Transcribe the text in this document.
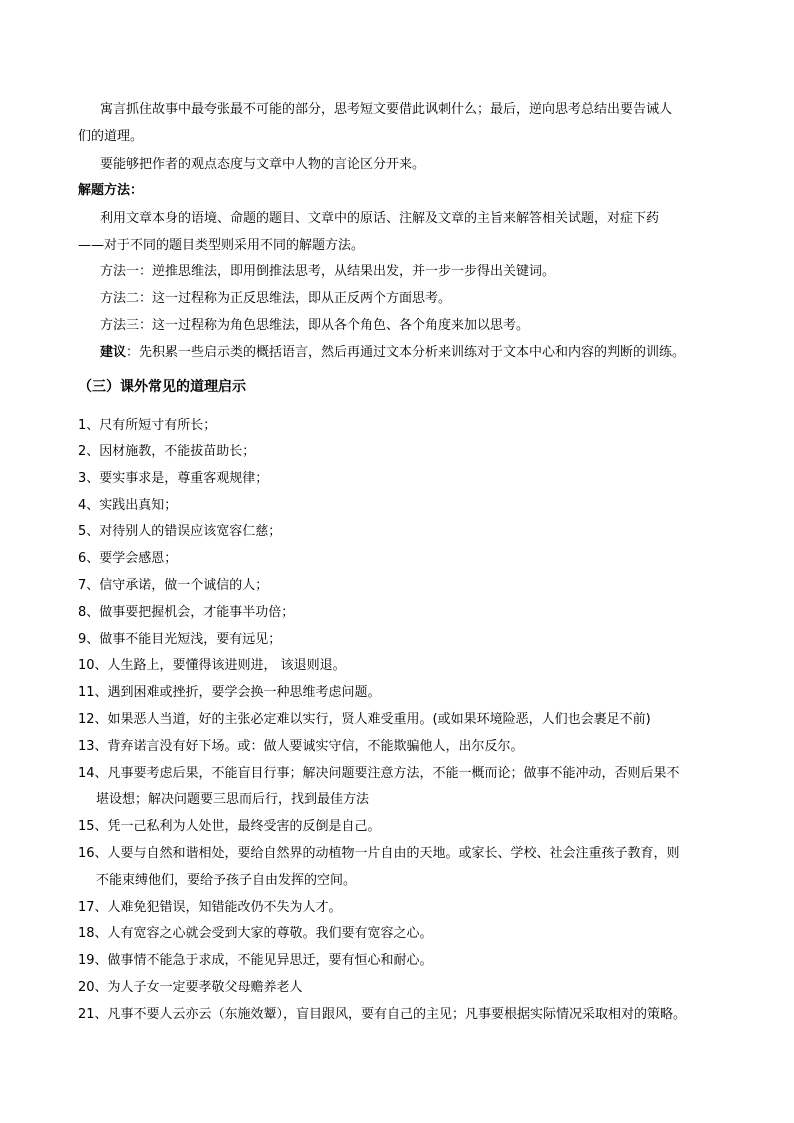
寓言抓住故事中最夸张最不可能的部分，思考短文要借此讽刺什么；最后，逆向思考总结出要告诫人
们的道理。
要能够把作者的观点态度与文章中人物的言论区分开来。
解题方法：
利用文章本身的语境、命题的题目、文章中的原话、注解及文章的主旨来解答相关试题，对症下药
——对于不同的题目类型则采用不同的解题方法。
方法一：逆推思维法，即用倒推法思考，从结果出发，并一步一步得出关键词。
方法二：这一过程称为正反思维法，即从正反两个方面思考。
方法三：这一过程称为角色思维法，即从各个角色、各个角度来加以思考。
建议：先积累一些启示类的概括语言，然后再通过文本分析来训练对于文本中心和内容的判断的训练。
（三）课外常见的道理启示
1、尺有所短寸有所长；
2、因材施教，不能拔苗助长；
3、要实事求是，尊重客观规律；
4、实践出真知；
5、对待别人的错误应该宽容仁慈；
6、要学会感恩；
7、信守承诺，做一个诚信的人；
8、做事要把握机会，才能事半功倍；
9、做事不能目光短浅，要有远见；
10、人生路上，要懂得该进则进， 该退则退。
11、遇到困难或挫折，要学会换一种思维考虑问题。
12、如果恶人当道，好的主张必定难以实行，贤人难受重用。(或如果环境险恶，人们也会裹足不前)
13、背弃诺言没有好下场。或：做人要诚实守信，不能欺骗他人，出尔反尔。
14、凡事要考虑后果，不能盲目行事；解决问题要注意方法，不能一概而论；做事不能冲动，否则后果不
堪设想；解决问题要三思而后行，找到最佳方法
15、凭一己私利为人处世，最终受害的反倒是自己。
16、人要与自然和谐相处，要给自然界的动植物一片自由的天地。或家长、学校、社会注重孩子教育，则
不能束缚他们，要给予孩子自由发挥的空间。
17、人难免犯错误，知错能改仍不失为人才。
18、人有宽容之心就会受到大家的尊敬。我们要有宽容之心。
19、做事情不能急于求成，不能见异思迁，要有恒心和耐心。
20、为人子女一定要孝敬父母赡养老人
21、凡事不要人云亦云（东施效颦），盲目跟风，要有自己的主见；凡事要根据实际情况采取相对的策略。
